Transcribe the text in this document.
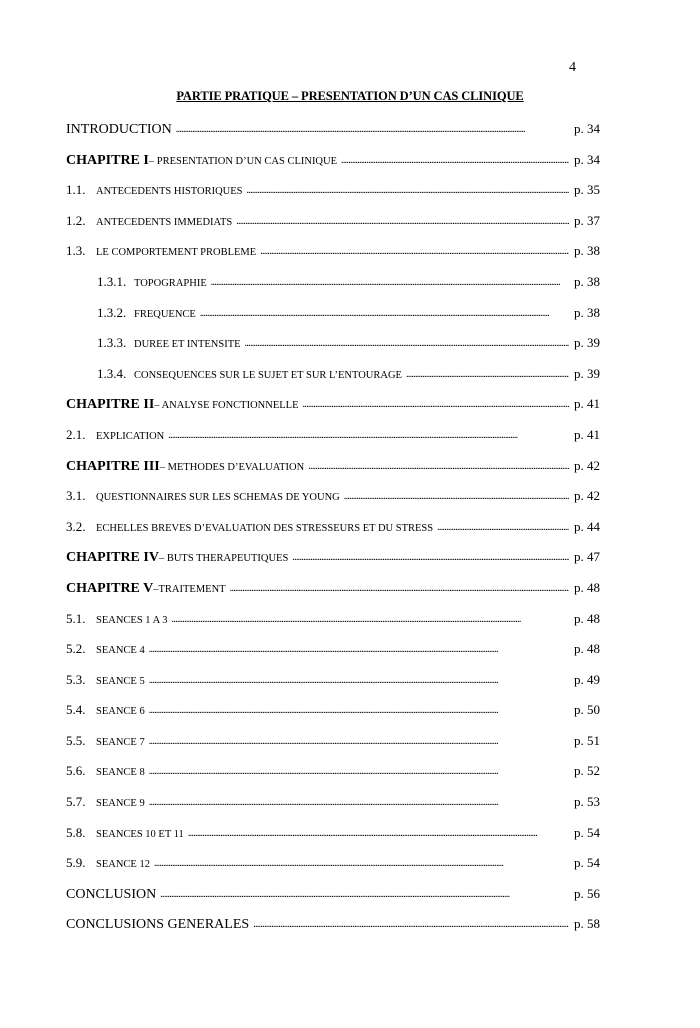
4
PARTIE PRATIQUE – PRESENTATION D’UN CAS CLINIQUE
INTRODUCTION . . .	p. 34
CHAPITRE I – PRESENTATION D’UN CAS CLINIQUE . . .	p. 34
1.1.	ANTECEDENTS HISTORIQUES . . .	p. 35
1.2.	ANTECEDENTS IMMEDIATS . . .	p. 37
1.3.	LE COMPORTEMENT PROBLEME . . .	p. 38
1.3.1. TOPOGRAPHIE . . .	p. 38
1.3.2. FREQUENCE . . .	p. 38
1.3.3. DUREE ET INTENSITE . . .	p. 39
1.3.4. CONSEQUENCES SUR LE SUJET ET SUR L’ENTOURAGE . . .	p. 39
CHAPITRE II – ANALYSE FONCTIONNELLE . . .	p. 41
2.1.	EXPLICATION . . .	p. 41
CHAPITRE III – METHODES D’EVALUATION . . .	p. 42
3.1.	QUESTIONNAIRES SUR LES SCHEMAS DE YOUNG . . .	p. 42
3.2.	ECHELLES BREVES D’EVALUATION DES STRESSEURS ET DU STRESS . . .	p. 44
CHAPITRE IV – BUTS THERAPEUTIQUES . . .	p. 47
CHAPITRE V –TRAITEMENT . . .	p. 48
5.1.	SEANCES 1 A 3 . . .	p. 48
5.2.	SEANCE 4 . . .	p. 48
5.3.	SEANCE 5 . . .	p. 49
5.4.	SEANCE 6 . . .	p. 50
5.5.	SEANCE 7 . . .	p. 51
5.6.	SEANCE 8 . . .	p. 52
5.7.	SEANCE 9 . . .	p. 53
5.8.	SEANCES 10 ET 11 . . .	p. 54
5.9.	SEANCE 12 . . .	p. 54
CONCLUSION . . .	p. 56
CONCLUSIONS GENERALES . . .	p. 58
